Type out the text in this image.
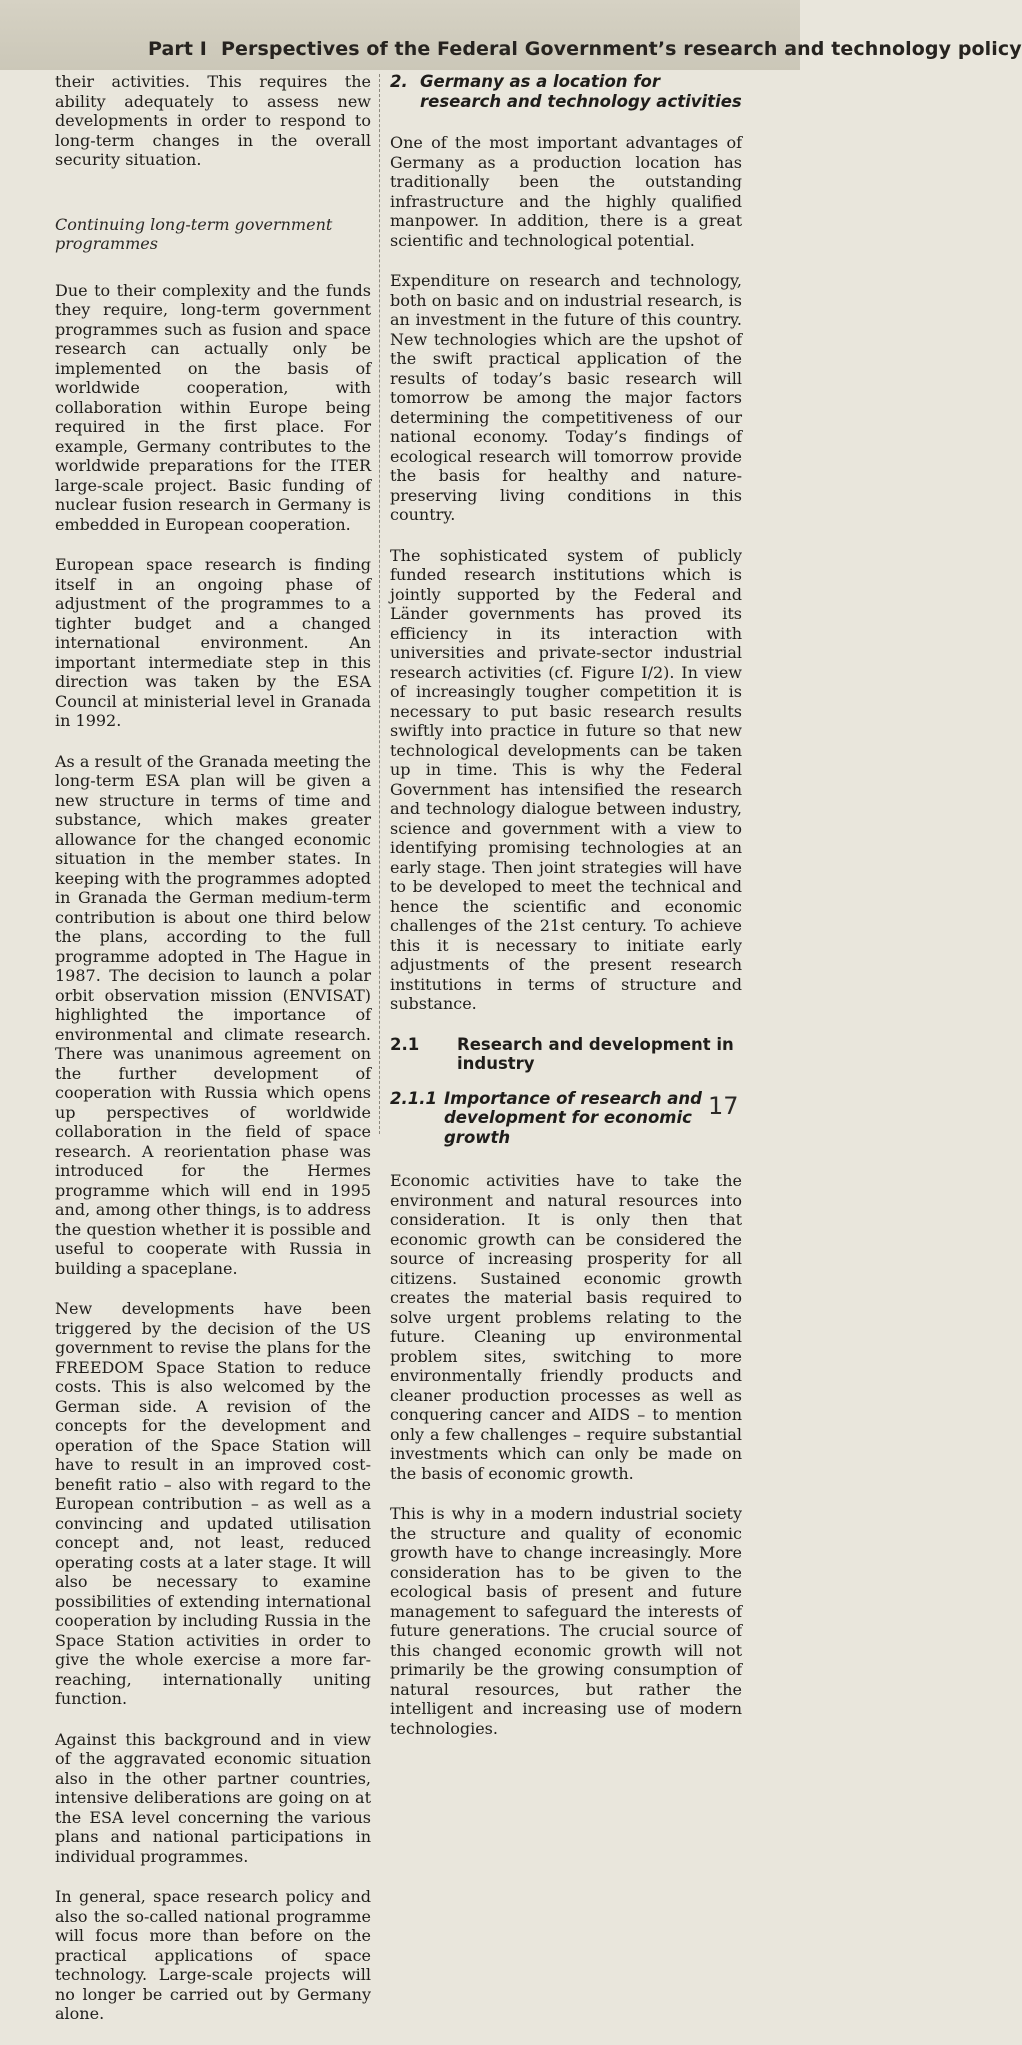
Part I Perspectives of the Federal Government’s research and technology policy

their activities. This requires the ability adequately to assess new developments in order to respond to long-term changes in the overall security situation.

Continuing long-term government programmes

Due to their complexity and the funds they require, long-term government programmes such as fusion and space research can actually only be implemented on the basis of worldwide cooperation, with collaboration within Europe being required in the first place. For example, Germany contributes to the worldwide preparations for the ITER large-scale project. Basic funding of nuclear fusion research in Germany is embedded in European cooperation.

European space research is finding itself in an ongoing phase of adjustment of the programmes to a tighter budget and a changed international environment. An important intermediate step in this direction was taken by the ESA Council at ministerial level in Granada in 1992.

As a result of the Granada meeting the long-term ESA plan will be given a new structure in terms of time and substance, which makes greater allowance for the changed economic situation in the member states. In keeping with the programmes adopted in Granada the German medium-term contribution is about one third below the plans, according to the full programme adopted in The Hague in 1987. The decision to launch a polar orbit observation mission (ENVISAT) highlighted the importance of environmental and climate research. There was unanimous agreement on the further development of cooperation with Russia which opens up perspectives of worldwide collaboration in the field of space research. A reorientation phase was introduced for the Hermes programme which will end in 1995 and, among other things, is to address the question whether it is possible and useful to cooperate with Russia in building a spaceplane.

New developments have been triggered by the decision of the US government to revise the plans for the FREEDOM Space Station to reduce costs. This is also welcomed by the German side. A revision of the concepts for the development and operation of the Space Station will have to result in an improved cost-benefit ratio – also with regard to the European contribution – as well as a convincing and updated utilisation concept and, not least, reduced operating costs at a later stage. It will also be necessary to examine possibilities of extending international cooperation by including Russia in the Space Station activities in order to give the whole exercise a more far-reaching, internationally uniting function.

Against this background and in view of the aggravated economic situation also in the other partner countries, intensive deliberations are going on at the ESA level concerning the various plans and national participations in individual programmes.

In general, space research policy and also the so-called national programme will focus more than before on the practical applications of space technology. Large-scale projects will no longer be carried out by Germany alone.

2. Germany as a location for research and technology activities

One of the most important advantages of Germany as a production location has traditionally been the outstanding infrastructure and the highly qualified manpower. In addition, there is a great scientific and technological potential.

Expenditure on research and technology, both on basic and on industrial research, is an investment in the future of this country. New technologies which are the upshot of the swift practical application of the results of today’s basic research will tomorrow be among the major factors determining the competitiveness of our national economy. Today’s findings of ecological research will tomorrow provide the basis for healthy and nature-preserving living conditions in this country.

The sophisticated system of publicly funded research institutions which is jointly supported by the Federal and Länder governments has proved its efficiency in its interaction with universities and private-sector industrial research activities (cf. Figure I/2). In view of increasingly tougher competition it is necessary to put basic research results swiftly into practice in future so that new technological developments can be taken up in time. This is why the Federal Government has intensified the research and technology dialogue between industry, science and government with a view to identifying promising technologies at an early stage. Then joint strategies will have to be developed to meet the technical and hence the scientific and economic challenges of the 21st century. To achieve this it is necessary to initiate early adjustments of the present research institutions in terms of structure and substance.

2.1	Research and development in industry
2.1.1 Importance of research and development for economic growth

Economic activities have to take the environment and natural resources into consideration. It is only then that economic growth can be considered the source of increasing prosperity for all citizens. Sustained economic growth creates the material basis required to solve urgent problems relating to the future. Cleaning up environmental problem sites, switching to more environmentally friendly products and cleaner production processes as well as conquering cancer and AIDS – to mention only a few challenges – require substantial investments which can only be made on the basis of economic growth.

This is why in a modern industrial society the structure and quality of economic growth have to change increasingly. More consideration has to be given to the ecological basis of present and future management to safeguard the interests of future generations. The crucial source of this changed economic growth will not primarily be the growing consumption of natural resources, but rather the intelligent and increasing use of modern technologies.

17
